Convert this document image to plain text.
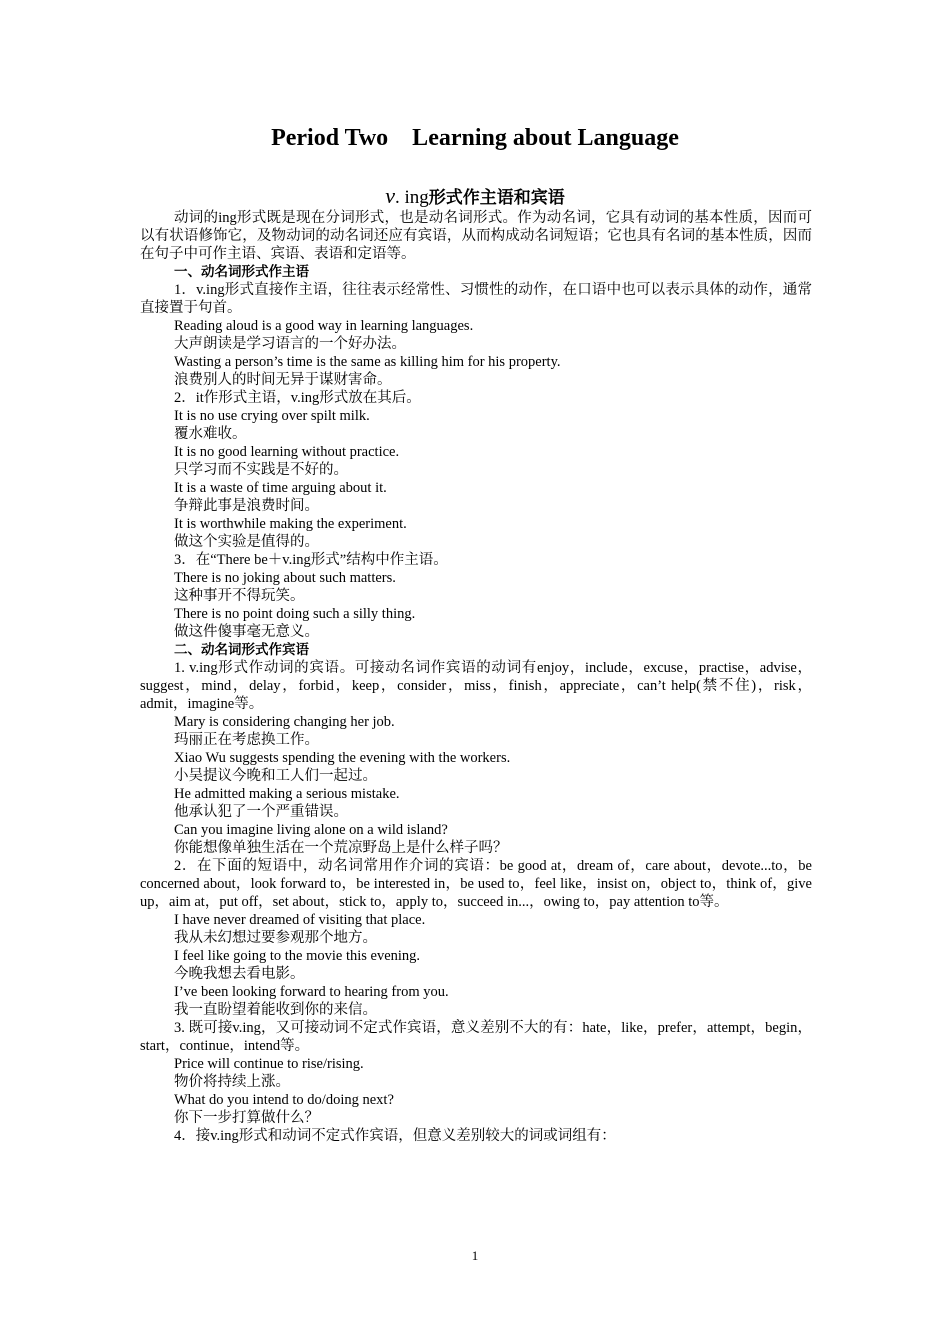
Period Two    Learning about Language
v. ing形式作主语和宾语

动词的ing形式既是现在分词形式，也是动名词形式。作为动名词，它具有动词的基本性质，因而可以有状语修饰它，及物动词的动名词还应有宾语，从而构成动名词短语；它也具有名词的基本性质，因而在句子中可作主语、宾语、表语和定语等。

一、动名词形式作主语

1．v.ing形式直接作主语，往往表示经常性、习惯性的动作，在口语中也可以表示具体的动作，通常直接置于句首。

Reading aloud is a good way in learning languages.

大声朗读是学习语言的一个好办法。

Wasting a person’s time is the same as killing him for his property.

浪费别人的时间无异于谋财害命。

2．it作形式主语，v.ing形式放在其后。

It is no use crying over spilt milk.

覆水难收。

It is no good learning without practice.

只学习而不实践是不好的。

It is a waste of time arguing about it.

争辩此事是浪费时间。

It is worthwhile making the experiment.

做这个实验是值得的。

3．在“There be＋v.ing形式”结构中作主语。

There is no joking about such matters.

这种事开不得玩笑。

There is no point doing such a silly thing.

做这件傻事毫无意义。

二、动名词形式作宾语

1. v.ing形式作动词的宾语。可接动名词作宾语的动词有enjoy，include，excuse，practise，advise，suggest，mind，delay，forbid，keep，consider，miss，finish，appreciate，can’t help(禁不住)，risk，admit，imagine等。

Mary is considering changing her job.

玛丽正在考虑换工作。

Xiao Wu suggests spending the evening with the workers.

小吴提议今晚和工人们一起过。

He admitted making a serious mistake.

他承认犯了一个严重错误。

Can you imagine living alone on a wild island?

你能想像单独生活在一个荒凉野岛上是什么样子吗？

2．在下面的短语中，动名词常用作介词的宾语：be good at，dream of，care about，devote...to，be concerned about，look forward to，be interested in，be used to，feel like，insist on，object to，think of，give up，aim at，put off，set about，stick to，apply to，succeed in...，owing to，pay attention to等。

I have never dreamed of visiting that place.

我从未幻想过要参观那个地方。

I feel like going to the movie this evening.

今晚我想去看电影。

I’ve been looking forward to hearing from you.

我一直盼望着能收到你的来信。

3. 既可接v.ing，又可接动词不定式作宾语，意义差别不大的有：hate，like，prefer，attempt，begin，start，continue，intend等。

Price will continue to rise/rising.

物价将持续上涨。

What do you intend to do/doing next?

你下一步打算做什么？

4．接v.ing形式和动词不定式作宾语，但意义差别较大的词或词组有：

1
